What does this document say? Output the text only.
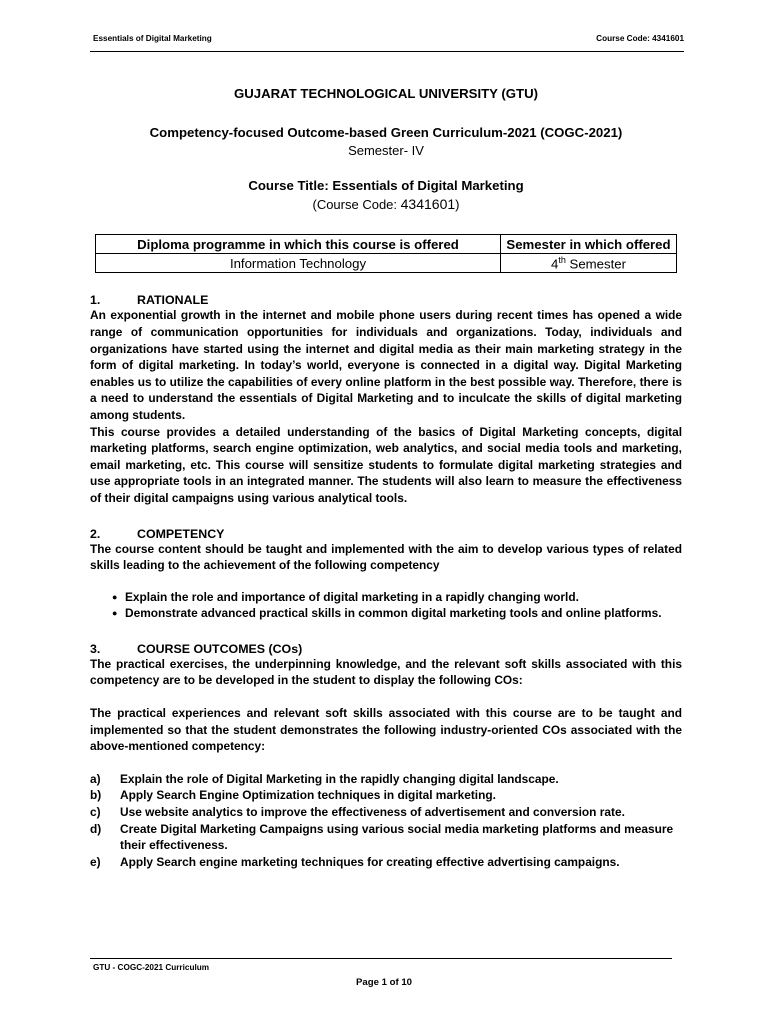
Essentials of Digital Marketing	Course Code: 4341601
GUJARAT TECHNOLOGICAL UNIVERSITY (GTU)
Competency-focused Outcome-based Green Curriculum-2021 (COGC-2021)
Semester- IV
Course Title: Essentials of Digital Marketing
(Course Code: 4341601)
Diploma programme in which this course is offered	Semester in which offered
Information Technology	4th Semester
1.	RATIONALE

An exponential growth in the internet and mobile phone users during recent times has opened a wide range of communication opportunities for individuals and organizations. Today, individuals and organizations have started using the internet and digital media as their main marketing strategy in the form of digital marketing. In today’s world, everyone is connected in a digital way. Digital Marketing enables us to utilize the capabilities of every online platform in the best possible way. Therefore, there is a need to understand the essentials of Digital Marketing and to inculcate the skills of digital marketing among students.

This course provides a detailed understanding of the basics of Digital Marketing concepts, digital marketing platforms, search engine optimization, web analytics, and social media tools and marketing, email marketing, etc. This course will sensitize students to formulate digital marketing strategies and use appropriate tools in an integrated manner. The students will also learn to measure the effectiveness of their digital campaigns using various analytical tools.

2.	COMPETENCY

The course content should be taught and implemented with the aim to develop various types of related skills leading to the achievement of the following competency

● Explain the role and importance of digital marketing in a rapidly changing world.
● Demonstrate advanced practical skills in common digital marketing tools and online platforms.
3.	COURSE OUTCOMES (COs)

The practical exercises, the underpinning knowledge, and the relevant soft skills associated with this competency are to be developed in the student to display the following COs:

The practical experiences and relevant soft skills associated with this course are to be taught and implemented so that the student demonstrates the following industry-oriented COs associated with the above-mentioned competency:

a)	Explain the role of Digital Marketing in the rapidly changing digital landscape.
b)	Apply Search Engine Optimization techniques in digital marketing.
c)	Use website analytics to improve the effectiveness of advertisement and conversion rate.
d)	Create Digital Marketing Campaigns using various social media marketing platforms and measure their effectiveness.
e)	Apply Search engine marketing techniques for creating effective advertising campaigns.
GTU - COGC-2021 Curriculum
Page 1 of 10
